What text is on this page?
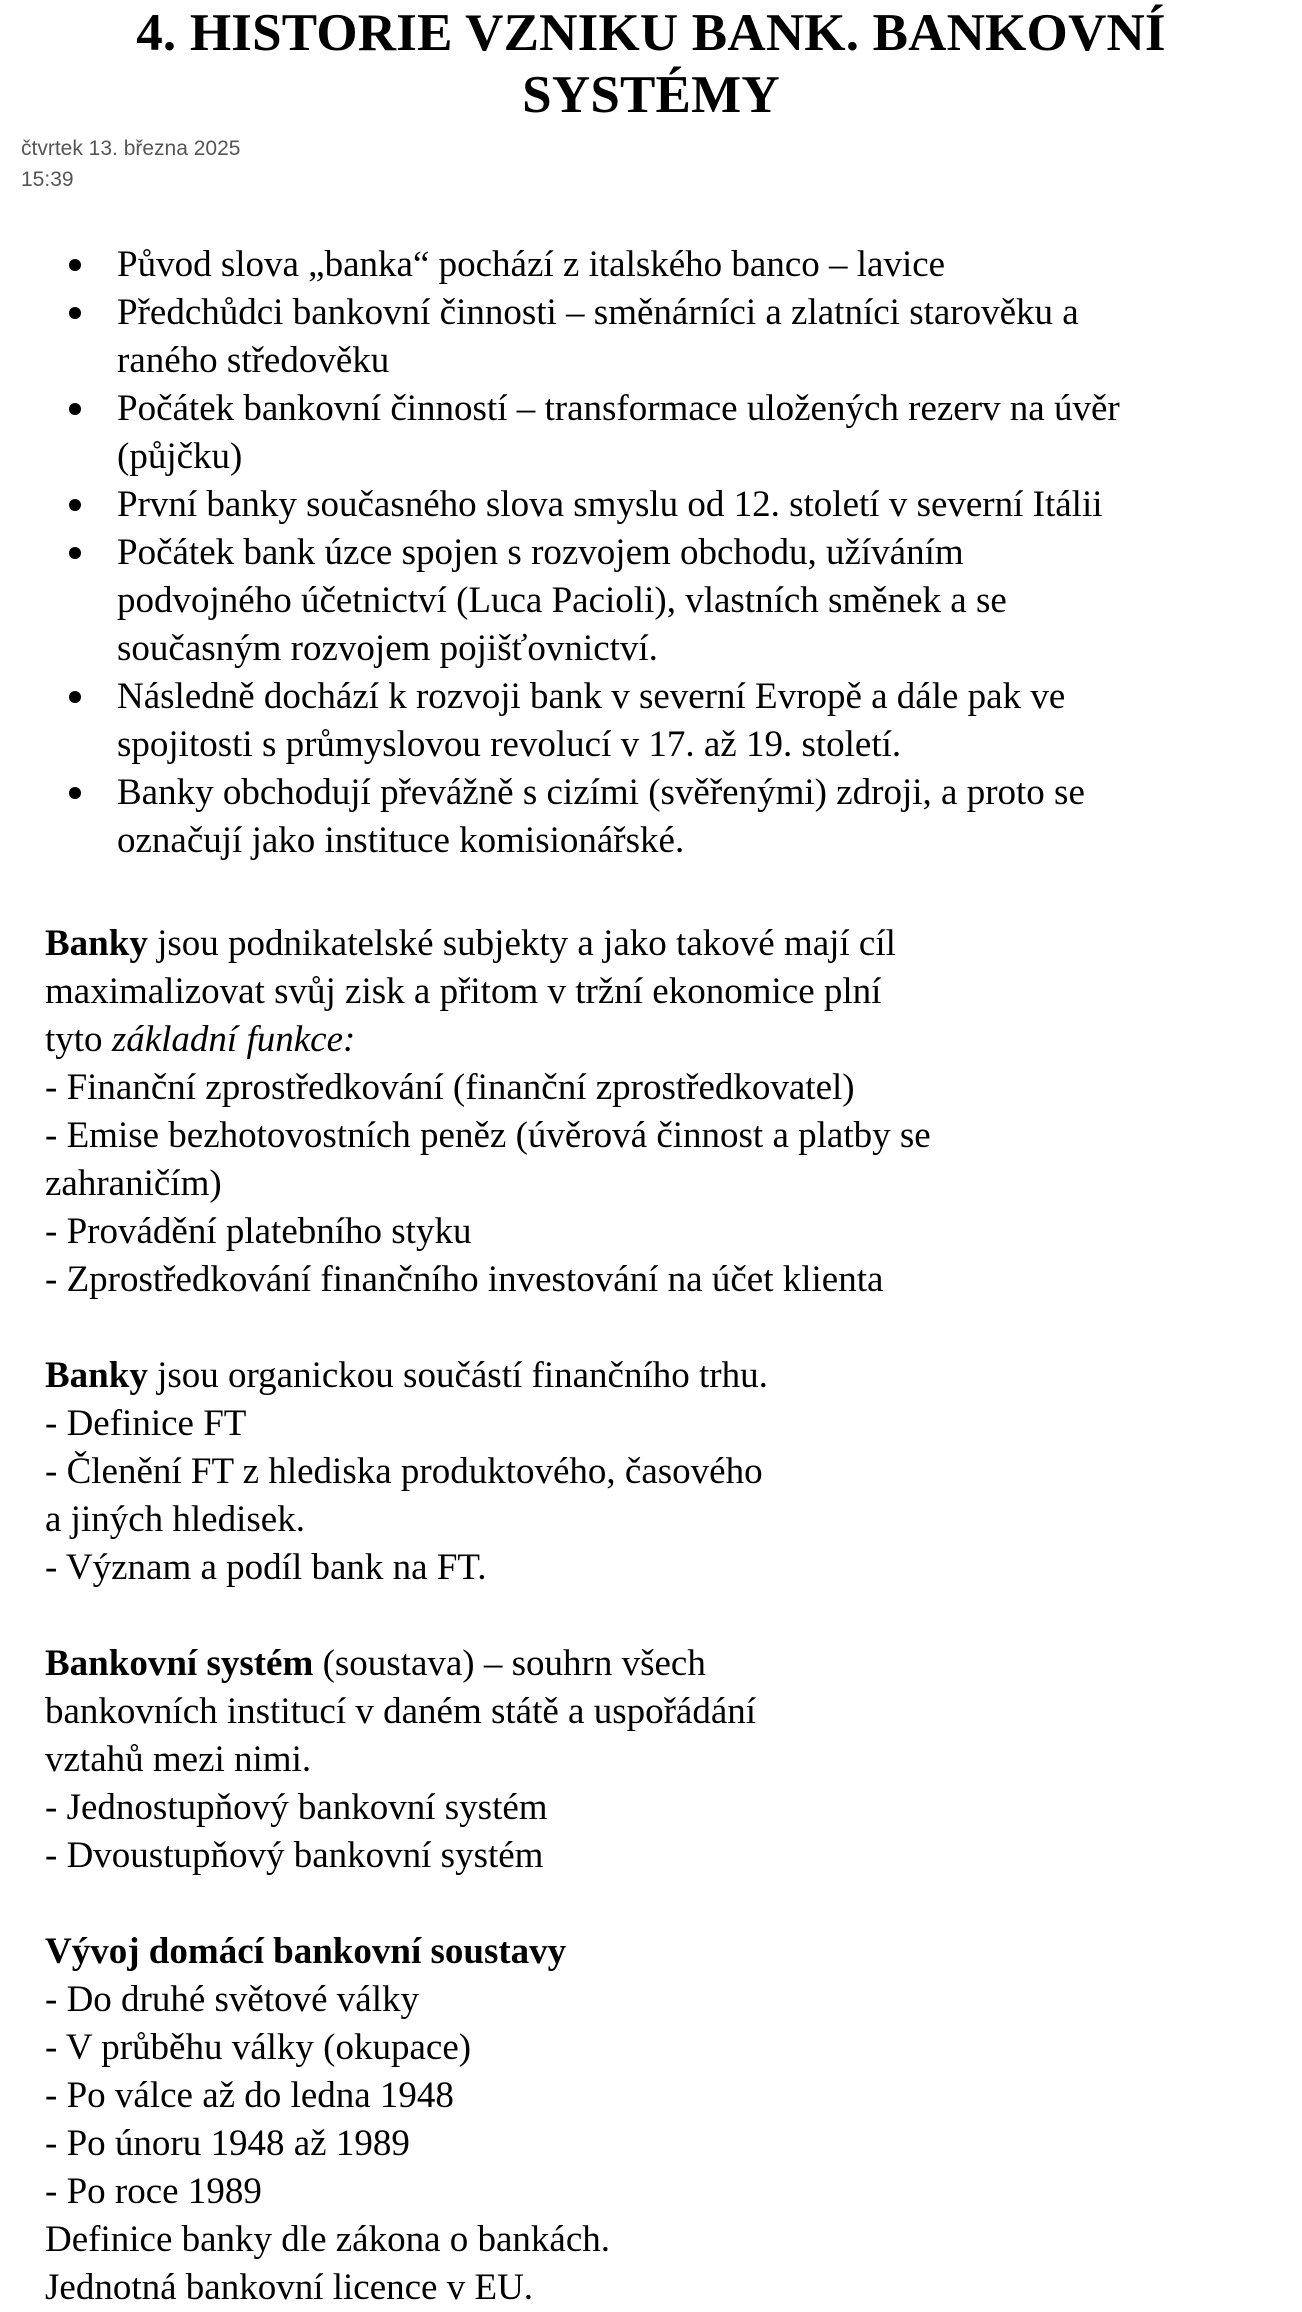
4. HISTORIE VZNIKU BANK. BANKOVNÍ
SYSTÉMY
čtvrtek 13. března 2025
15:39
Původ slova „banka“ pochází z italského banco – lavice
Předchůdci bankovní činnosti – směnárníci a zlatníci starověku a
raného středověku
Počátek bankovní činností – transformace uložených rezerv na úvěr
(půjčku)
První banky současného slova smyslu od 12. století v severní Itálii
Počátek bank úzce spojen s rozvojem obchodu, užíváním
podvojného účetnictví (Luca Pacioli), vlastních směnek a se
současným rozvojem pojišťovnictví.
Následně dochází k rozvoji bank v severní Evropě a dále pak ve
spojitosti s průmyslovou revolucí v 17. až 19. století.
Banky obchodují převážně s cizími (svěřenými) zdroji, a proto se
označují jako instituce komisionářské.
Banky jsou podnikatelské subjekty a jako takové mají cíl
maximalizovat svůj zisk a přitom v tržní ekonomice plní
tyto základní funkce:
- Finanční zprostředkování (finanční zprostředkovatel)
- Emise bezhotovostních peněz (úvěrová činnost a platby se
zahraničím)
- Provádění platebního styku
- Zprostředkování finančního investování na účet klienta
Banky jsou organickou součástí finančního trhu.
- Definice FT
- Členění FT z hlediska produktového, časového
a jiných hledisek.
- Význam a podíl bank na FT.
Bankovní systém (soustava) – souhrn všech
bankovních institucí v daném státě a uspořádání
vztahů mezi nimi.
- Jednostupňový bankovní systém
- Dvoustupňový bankovní systém
Vývoj domácí bankovní soustavy
- Do druhé světové války
- V průběhu války (okupace)
- Po válce až do ledna 1948
- Po únoru 1948 až 1989
- Po roce 1989
Definice banky dle zákona o bankách.
Jednotná bankovní licence v EU.
